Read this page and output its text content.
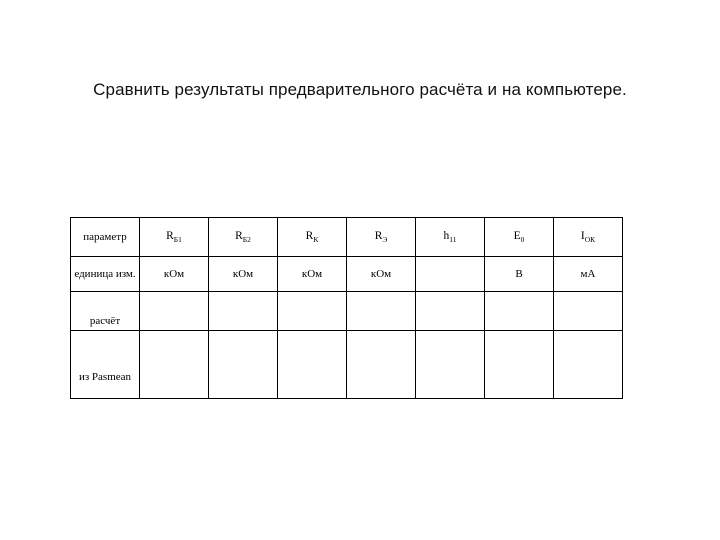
Сравнить результаты предварительного расчёта и на компьютере.
параметр	$R_{Б1}$	$R_{Б2}$	$R_К$	$R_Э$	$h_{11}$	$E_0$	$I_{ОК}$
единица изм.	кОм	кОм	кОм	кОм		В	мА

расчёт							

из Pasmean							
